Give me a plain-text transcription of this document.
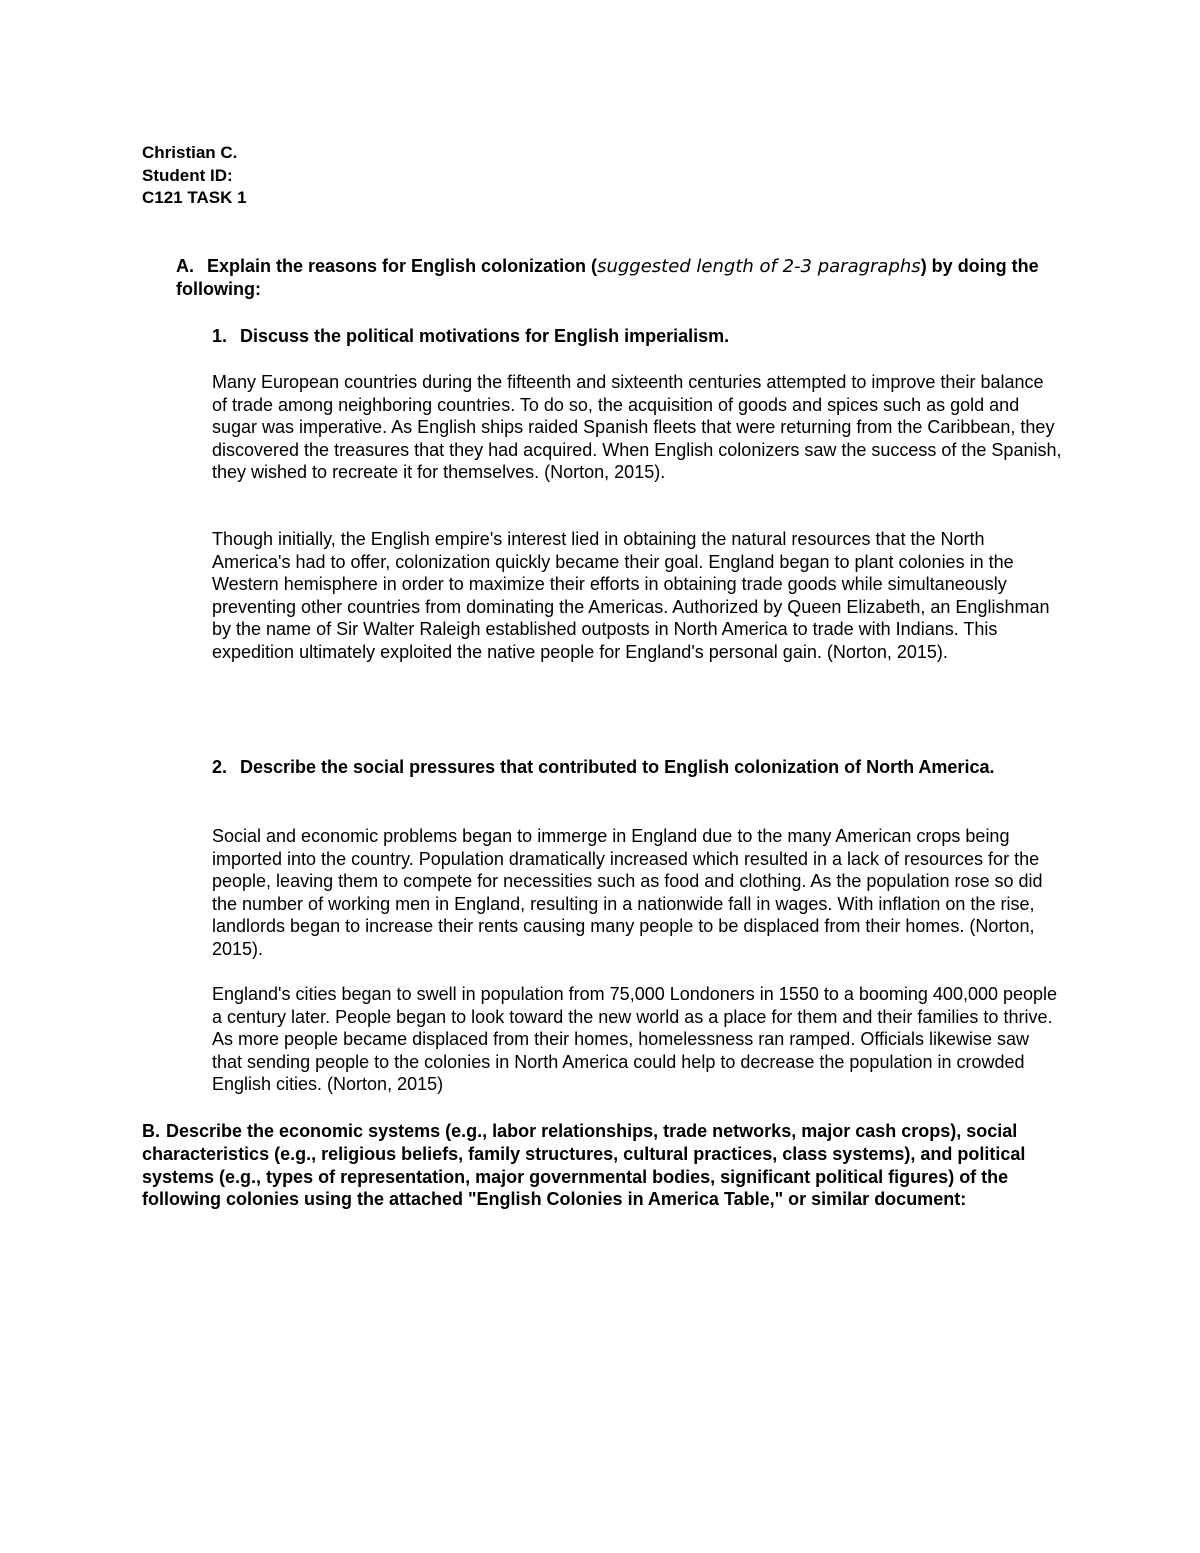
Christian C.
Student ID:
C121 TASK 1
A. Explain the reasons for English colonization (suggested length of 2-3 paragraphs) by doing the following:
1. Discuss the political motivations for English imperialism.

Many European countries during the fifteenth and sixteenth centuries attempted to improve their balance of trade among neighboring countries. To do so, the acquisition of goods and spices such as gold and sugar was imperative. As English ships raided Spanish fleets that were returning from the Caribbean, they discovered the treasures that they had acquired. When English colonizers saw the success of the Spanish, they wished to recreate it for themselves. (Norton, 2015).

Though initially, the English empire's interest lied in obtaining the natural resources that the North America's had to offer, colonization quickly became their goal. England began to plant colonies in the Western hemisphere in order to maximize their efforts in obtaining trade goods while simultaneously preventing other countries from dominating the Americas. Authorized by Queen Elizabeth, an Englishman by the name of Sir Walter Raleigh established outposts in North America to trade with Indians. This expedition ultimately exploited the native people for England's personal gain. (Norton, 2015).

2. Describe the social pressures that contributed to English colonization of North America.

Social and economic problems began to immerge in England due to the many American crops being imported into the country. Population dramatically increased which resulted in a lack of resources for the people, leaving them to compete for necessities such as food and clothing. As the population rose so did the number of working men in England, resulting in a nationwide fall in wages. With inflation on the rise, landlords began to increase their rents causing many people to be displaced from their homes. (Norton, 2015).

England's cities began to swell in population from 75,000 Londoners in 1550 to a booming 400,000 people a century later. People began to look toward the new world as a place for them and their families to thrive. As more people became displaced from their homes, homelessness ran ramped. Officials likewise saw that sending people to the colonies in North America could help to decrease the population in crowded English cities. (Norton, 2015)

B. Describe the economic systems (e.g., labor relationships, trade networks, major cash crops), social characteristics (e.g., religious beliefs, family structures, cultural practices, class systems), and political systems (e.g., types of representation, major governmental bodies, significant political figures) of the following colonies using the attached "English Colonies in America Table," or similar document:
